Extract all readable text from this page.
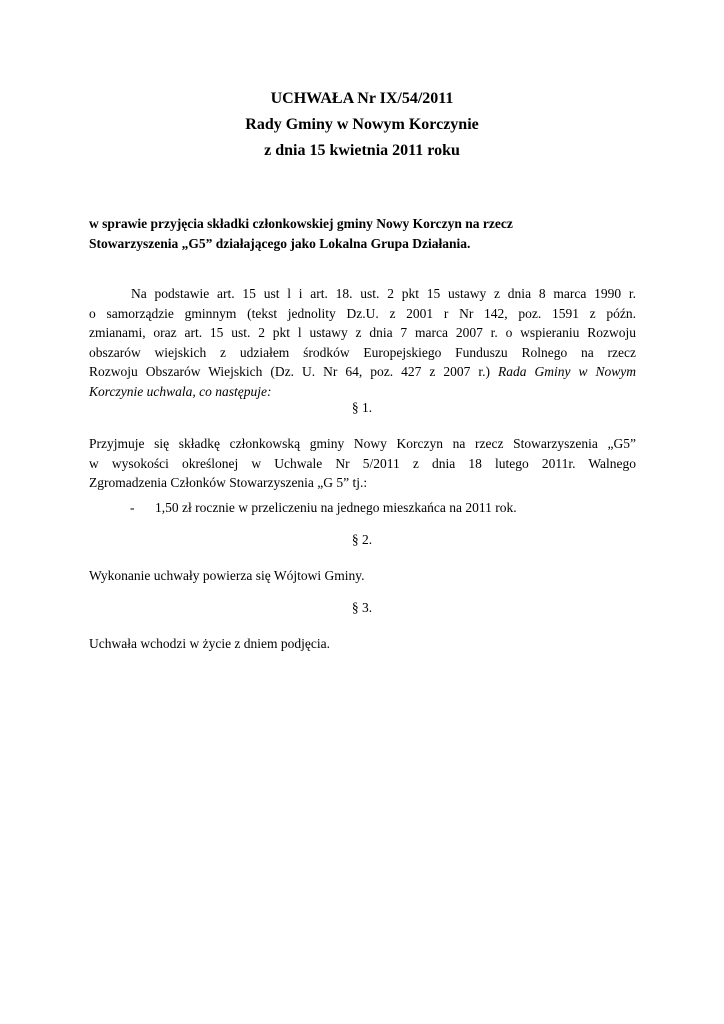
UCHWAŁA Nr IX/54/2011
Rady Gminy w Nowym Korczynie
z dnia 15 kwietnia 2011 roku
w sprawie przyjęcia składki członkowskiej gminy Nowy Korczyn na rzecz
Stowarzyszenia „G5” działającego jako Lokalna Grupa Działania.
Na podstawie art. 15 ust l i art. 18. ust. 2 pkt 15 ustawy z dnia 8 marca 1990 r.
o samorządzie gminnym (tekst jednolity Dz.U. z 2001 r Nr 142, poz. 1591 z późn.
zmianami, oraz art. 15 ust. 2 pkt l ustawy z dnia 7 marca 2007 r. o wspieraniu Rozwoju
obszarów wiejskich z udziałem środków Europejskiego Funduszu Rolnego na rzecz
Rozwoju Obszarów Wiejskich (Dz. U. Nr 64, poz. 427 z 2007 r.) Rada Gminy w Nowym
Korczynie uchwala, co następuje:
§ 1.
Przyjmuje się składkę członkowską gminy Nowy Korczyn na rzecz Stowarzyszenia „G5”
w wysokości określonej w Uchwale Nr 5/2011 z dnia 18 lutego 2011r. Walnego
Zgromadzenia Członków Stowarzyszenia „G 5” tj.:
- 1,50 zł rocznie w przeliczeniu na jednego mieszkańca na 2011 rok.
§ 2.
Wykonanie uchwały powierza się Wójtowi Gminy.
§ 3.
Uchwała wchodzi w życie z dniem podjęcia.
